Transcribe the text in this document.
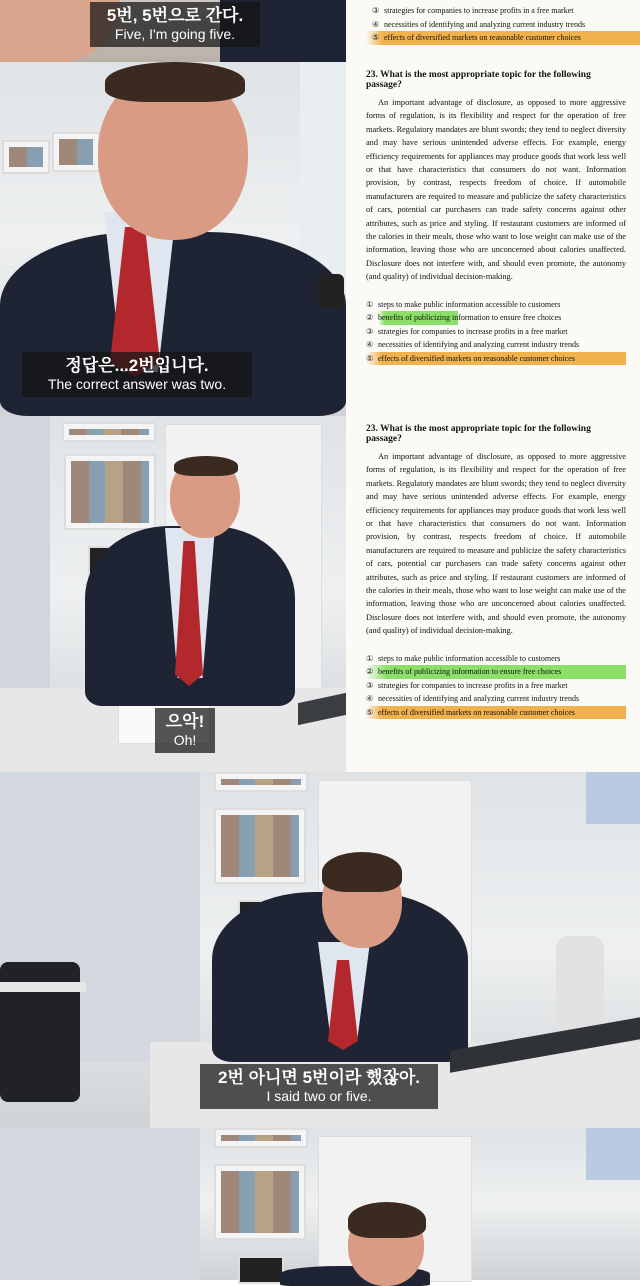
5번, 5번으로 간다.
Five, I'm going five.
③ strategies for companies to increase profits in a free market
④ necessities of identifying and analyzing current industry trends
⑤ effects of diversified markets on reasonable customer choices
정답은...2번입니다.
The correct answer was two.
23. What is the most appropriate topic for the following passage?
An important advantage of disclosure, as opposed to more aggressive forms of regulation, is its flexibility and respect for the operation of free markets. Regulatory mandates are blunt swords; they tend to neglect diversity and may have serious unintended adverse effects. For example, energy efficiency requirements for appliances may produce goods that work less well or that have characteristics that consumers do not want. Information provision, by contrast, respects freedom of choice. If automobile manufacturers are required to measure and publicize the safety characteristics of cars, potential car purchasers can trade safety concerns against other attributes, such as price and styling. If restaurant customers are informed of the calories in their meals, those who want to lose weight can make use of the information, leaving those who are unconcerned about calories unaffected. Disclosure does not interfere with, and should even promote, the autonomy (and quality) of individual decision-making.
① steps to make public information accessible to customers
② benefits of publicizing information to ensure free choices
③ strategies for companies to increase profits in a free market
④ necessities of identifying and analyzing current industry trends
⑤ effects of diversified markets on reasonable customer choices
으악!
Oh!
23. What is the most appropriate topic for the following passage?
An important advantage of disclosure, as opposed to more aggressive forms of regulation, is its flexibility and respect for the operation of free markets. Regulatory mandates are blunt swords; they tend to neglect diversity and may have serious unintended adverse effects. For example, energy efficiency requirements for appliances may produce goods that work less well or that have characteristics that consumers do not want. Information provision, by contrast, respects freedom of choice. If automobile manufacturers are required to measure and publicize the safety characteristics of cars, potential car purchasers can trade safety concerns against other attributes, such as price and styling. If restaurant customers are informed of the calories in their meals, those who want to lose weight can make use of the information, leaving those who are unconcerned about calories unaffected. Disclosure does not interfere with, and should even promote, the autonomy (and quality) of individual decision-making.
① steps to make public information accessible to customers
② benefits of publicizing information to ensure free choices
③ strategies for companies to increase profits in a free market
④ necessities of identifying and analyzing current industry trends
⑤ effects of diversified markets on reasonable customer choices
2번 아니면 5번이라 했잖아.
I said two or five.
